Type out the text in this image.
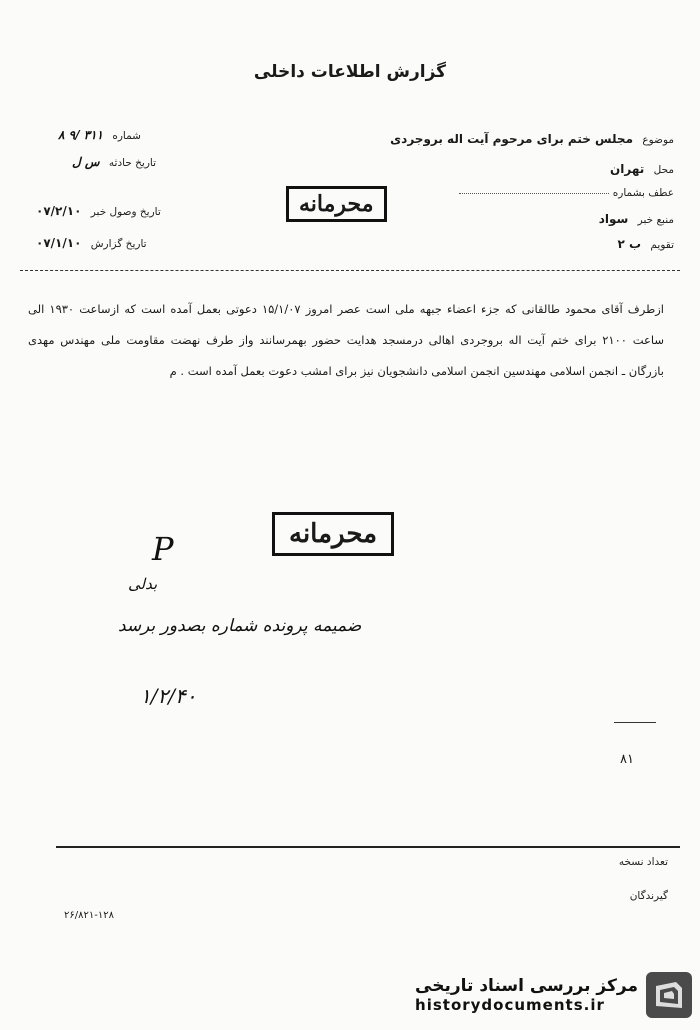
گزارش اطلاعات داخلی
شماره ۳۱۱ /۹ ۸
تاریخ حادثه س ل
تاریخ وصول خبر ۰۷/۲/۱۰
تاریخ گزارش ۰۷/۱/۱۰
موضوع مجلس ختم برای مرحوم آیت اله بروجردی
محل تهران
عطف بشماره
منبع خبر سواد
تقویم ب ۲
محرمانه
ازطرف آقای محمود طالقانی که جزء اعضاء جبهه ملی است عصر امروز ۱۵/۱/۰۷ دعوتی بعمل آمده است که ازساعت ۱۹۳۰ الی ساعت ۲۱۰۰ برای ختم آیت اله بروجردی اهالی درمسجد هدایت حضور بهمرسانند واز طرف نهضت مقاومت ملی مهندس مهدی بازرگان ـ انجمن اسلامی مهندسین انجمن اسلامی دانشجویان نیز برای امشب دعوت بعمل آمده است . م
محرمانه
P
بدلی
ضمیمه پرونده شماره بصدور برسد
۱/۲/۴۰
۸۱
تعداد نسخه
گیرندگان
۲۶/۸۲۱-۱۲۸
مرکز بررسی اسناد تاریخی
historydocuments.ir
